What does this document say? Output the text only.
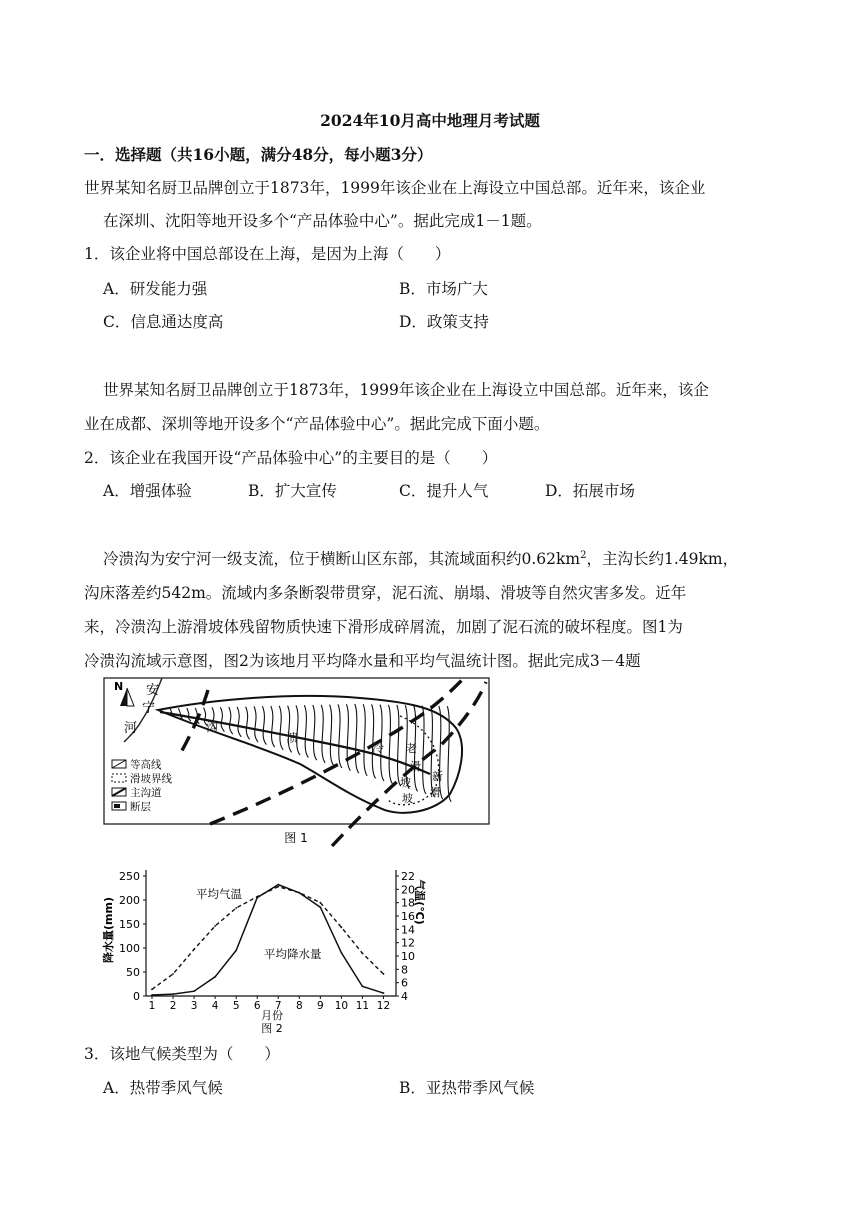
2024年10月高中地理月考试题
一．选择题（共16小题，满分48分，每小题3分）
世界某知名厨卫品牌创立于1873年，1999年该企业在上海设立中国总部。近年来，该企业
在深圳、沈阳等地开设多个“产品体验中心”。据此完成1－1题。
1．该企业将中国总部设在上海，是因为上海（　　）
A．研发能力强	B．市场广大
C．信息通达度高	D．政策支持
世界某知名厨卫品牌创立于1873年，1999年该企业在上海设立中国总部。近年来，该企
业在成都、深圳等地开设多个“产品体验中心”。据此完成下面小题。
2．该企业在我国开设“产品体验中心”的主要目的是（　　）
A．增强体验	B．扩大宣传	C．提升人气	D．拓展市场
冷溃沟为安宁河一级支流，位于横断山区东部，其流域面积约$0.62km^2$，主沟长约1.49km，
沟床落差约542m。流域内多条断裂带贯穿，泥石流、崩塌、滑坡等自然灾害多发。近年
来，冷溃沟上游滑坡体残留物质快速下滑形成碎屑流，加剧了泥石流的破坏程度。图1为
冷溃沟流域示意图，图2为该地月平均降水量和平均气温统计图。据此完成3－4题
N 安
宁
河	沟
溃
冷 老
滑
坡
坡
新
滑
等高线
滑坡界线
主沟道
断层
图 1
0
50
100
150
200
250
4
6
8
10
12
14
16
18
20
22
1 2 3 4 5 6 7 8 9 10 11 12
平均气温
平均降水量
降水量(mm)	气温(℃)
月份
图 2
3．该地气候类型为（　　）
A．热带季风气候	B．亚热带季风气候
